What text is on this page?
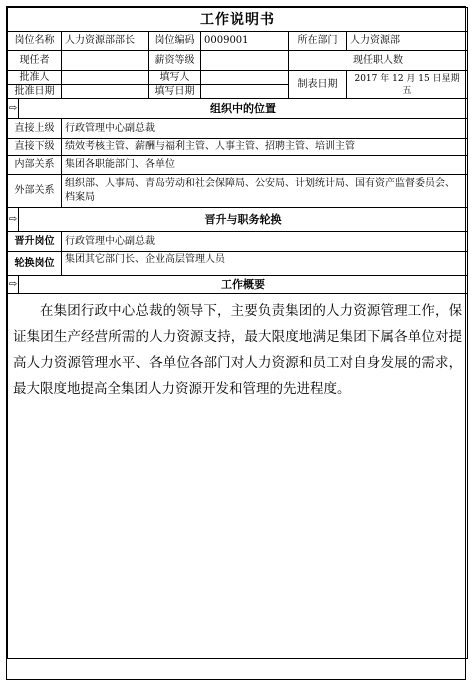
工作说明书						
岗位名称		人力资源部部长	岗位编码	0009001	所在部门	人力资源部
现任者			薪资等级		现任职人数	
批准人			填写人		制表日期	2017 年 12 月 15 日星期五
批准日期			填写日期			
⇨	组织中的位置					
直接上级		行政管理中心副总裁				
直接下级		绩效考核主管、薪酬与福利主管、人事主管、招聘主管、培训主管				
内部关系		集团各职能部门、各单位				
外部关系		组织部、人事局、青岛劳动和社会保障局、公安局、计划统计局、国有资产监督委员会、档案局				
⇨	晋升与职务轮换					
晋升岗位		行政管理中心副总裁				
轮换岗位		集团其它部门长、企业高层管理人员				
⇨	工作概要					
在集团行政中心总裁的领导下，主要负责集团的人力资源管理工作，保证集团生产经营所需的人力资源支持，最大限度地满足集团下属各单位对提高人力资源管理水平、各单位各部门对人力资源和员工对自身发展的需求，最大限度地提高全集团人力资源开发和管理的先进程度。						
